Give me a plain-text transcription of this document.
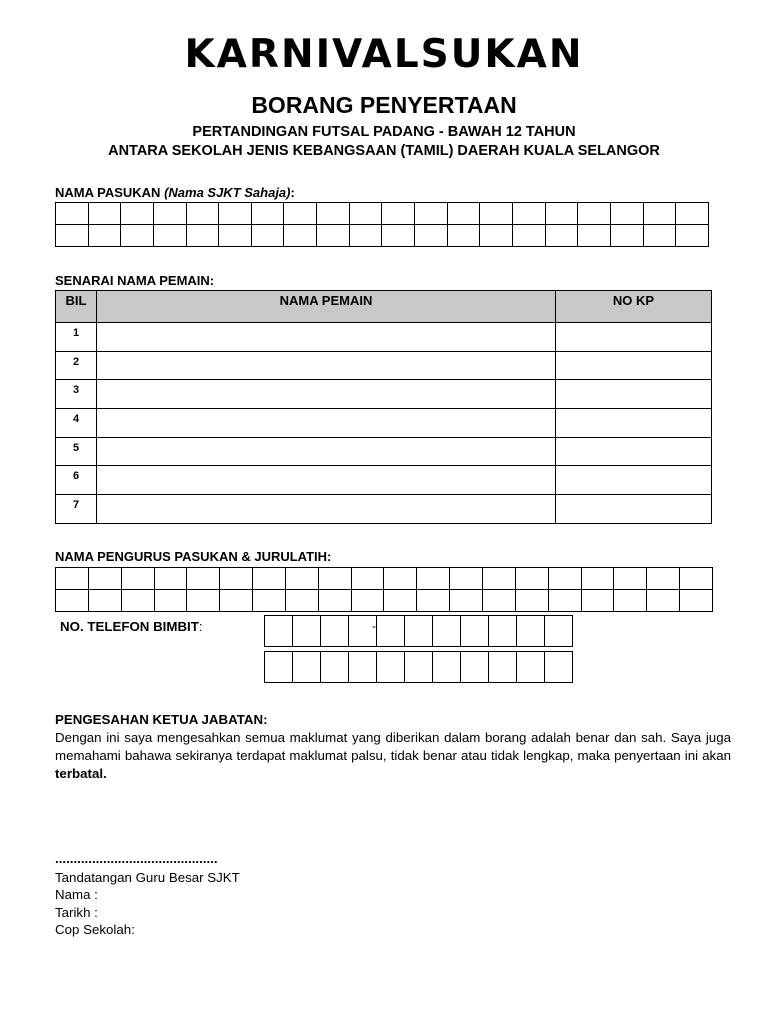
KARNIVALSUKAN
BORANG PENYERTAAN
PERTANDINGAN FUTSAL PADANG - BAWAH 12 TAHUN
ANTARA SEKOLAH JENIS KEBANGSAAN (TAMIL) DAERAH KUALA SELANGOR
NAMA PASUKAN (Nama SJKT Sahaja):

SENARAI NAMA PEMAIN:
BIL	NAMA PEMAIN	NO KP
1		
2		
3		
4		
5		
6		
7		
NAMA PENGURUS PASUKAN & JURULATIH:

NO. TELEFON BIMBIT:
											-

PENGESAHAN KETUA JABATAN:
Dengan ini saya mengesahkan semua maklumat yang diberikan dalam borang adalah benar dan sah. Saya juga memahami bahawa sekiranya terdapat maklumat palsu, tidak benar atau tidak lengkap, maka penyertaan ini akan terbatal.
............................................
Tandatangan Guru Besar SJKT
Nama :
Tarikh :
Cop Sekolah:
